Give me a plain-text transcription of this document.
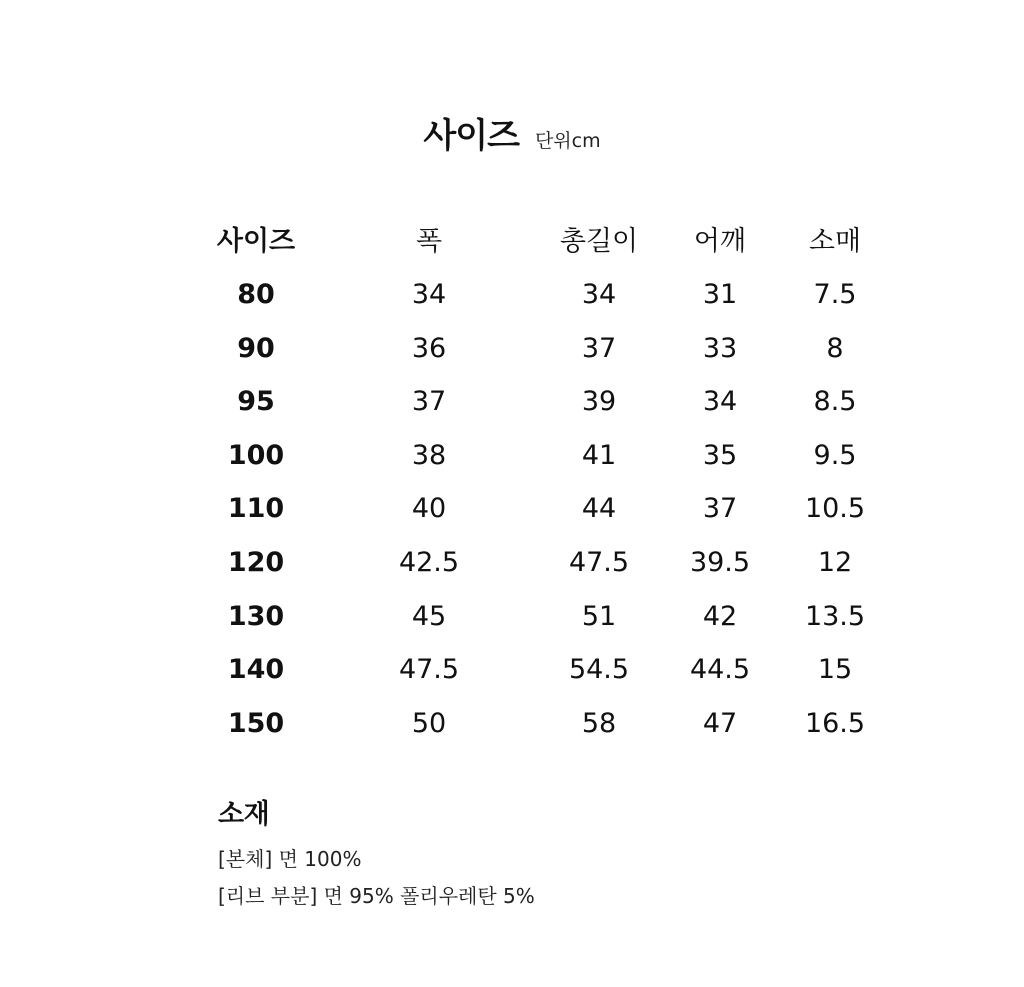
사이즈 단위cm
사이즈	폭	총길이	어깨	소매
80	34	34	31	7.5
90	36	37	33	8
95	37	39	34	8.5
100	38	41	35	9.5
110	40	44	37	10.5
120	42.5	47.5	39.5	12
130	45	51	42	13.5
140	47.5	54.5	44.5	15
150	50	58	47	16.5
소재
[본체] 면 100%
[리브 부분] 면 95% 폴리우레탄 5%
